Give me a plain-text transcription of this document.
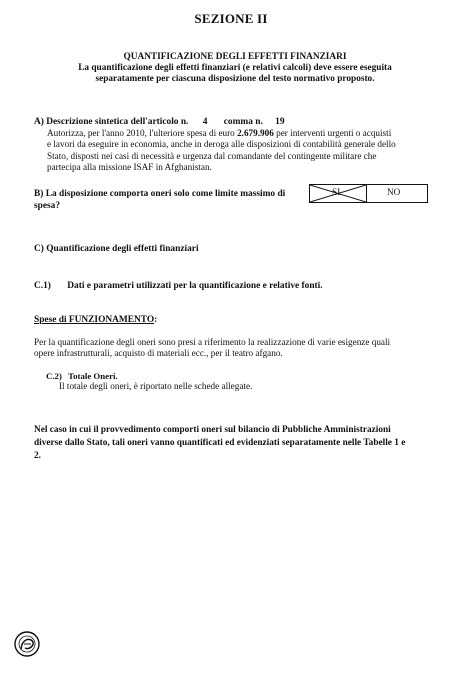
SEZIONE II
QUANTIFICAZIONE DEGLI EFFETTI FINANZIARI
La quantificazione degli effetti finanziari (e relativi calcoli) deve essere eseguita
separatamente per ciascuna disposizione del testo normativo proposto.
A) Descrizione sintetica dell'articolo n. 4 comma n. 19
Autorizza, per l'anno 2010, l'ulteriore spesa di euro 2.679.906 per interventi urgenti o acquisti
e lavori da eseguire in economia, anche in deroga alle disposizioni di contabilità generale dello
Stato, disposti nei casi di necessità e urgenza dal comandante del contingente militare che
partecipa alla missione ISAF in Afghanistan.
B) La disposizione comporta oneri solo come limite massimo di
spesa?
SI	NO
C) Quantificazione degli effetti finanziari
C.1) Dati e parametri utilizzati per la quantificazione e relative fonti.
Spese di FUNZIONAMENTO:
Per la quantificazione degli oneri sono presi a riferimento la realizzazione di varie esigenze quali
opere infrastrutturali, acquisto di materiali ecc., per il teatro afgano.
C.2) Totale Oneri.
Il totale degli oneri, è riportato nelle schede allegate.
Nel caso in cui il provvedimento comporti oneri sul bilancio di Pubbliche Amministrazioni
diverse dallo Stato, tali oneri vanno quantificati ed evidenziati separatamente nelle Tabelle 1 e
2.
